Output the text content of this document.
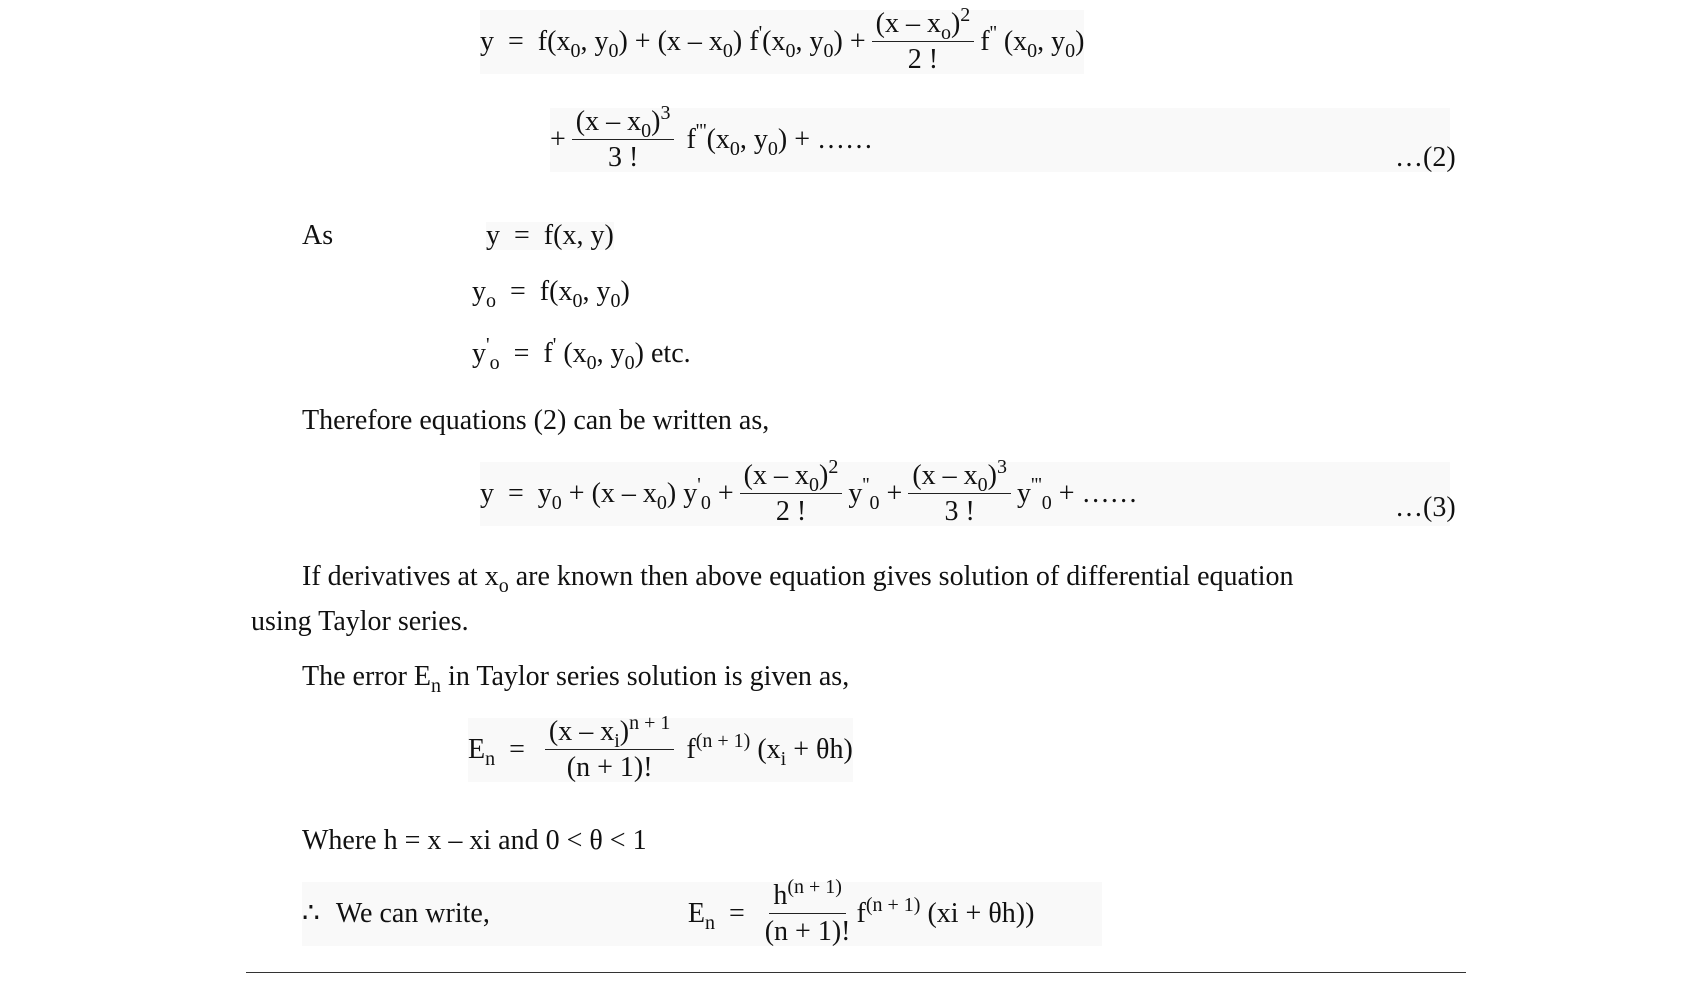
$y = f(x_0$, $y_0) + (x - x_0)$ $f'(x_0$, $y_0) + \frac{(x - x_o)^2}{2 !} f''$ ($x_0$, $y_0$)
+ $\frac{(x - x_0)^3}{3 !} f'''(x_0$, $y_0$) + ……
…(2)
As	y = f(x, y)
$y_o = f(x_0$, $y_0$)
$y'_o = f'$ ($x_0$, $y_0$) etc.
Therefore equations (2) can be written as,
$y = y_0 + (x - x_0) y'_0 + \frac{(x - x_0)^2}{2 !} y''_0 + \frac{(x - x_0)^3}{3 !} y'''_0$ + ……	…(3)
If derivatives at $x_o$ are known then above equation gives solution of differential equation
using Taylor series.
The error $E_n$ in Taylor series solution is given as,
$E_n = \frac{(x - x_i)^{n + 1}}{(n + 1)!} f^{(n + 1)}$ $(x_i + \theta h)$
Where h = x – xi and 0 < θ < 1
∴ We can write,	$E_n = \frac{h^{(n + 1)}}{(n + 1)!} f^{(n + 1)}$ (xi + θh))
